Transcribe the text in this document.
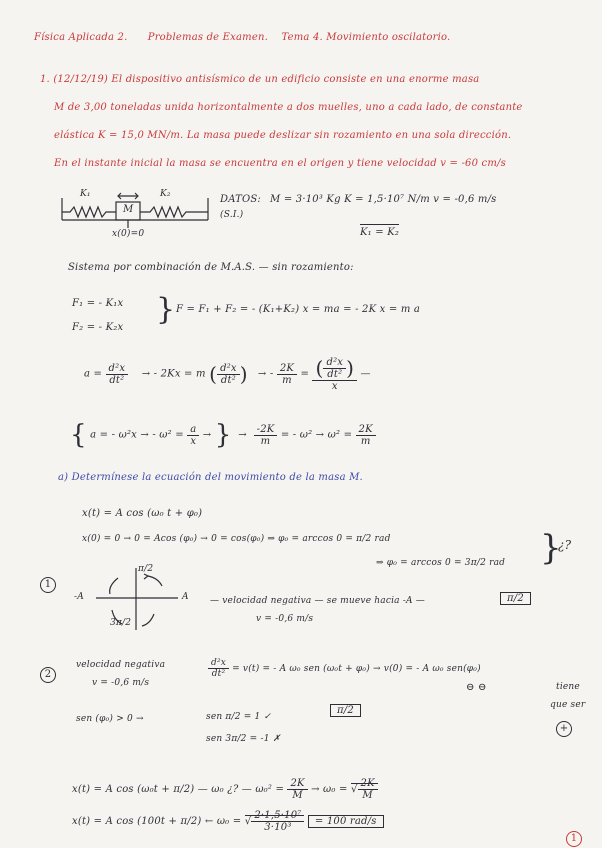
Física Aplicada 2. Problemas de Examen. Tema 4. Movimiento oscilatorio.
1. (12/12/19) El dispositivo antisísmico de un edificio consiste en una enorme masa
M de 3,00 toneladas unida horizontalmente a dos muelles, uno a cada lado, de constante
elástica K = 15,0 MN/m. La masa puede deslizar sin rozamiento en una sola dirección.
En el instante inicial la masa se encuentra en el origen y tiene velocidad v = -60 cm/s
K₁	K₂
M
x(0)=0
DATOS:
(S.I.)
M = 3·10³ Kg K = 1,5·10⁷ N/m v = -0,6 m/s
K₁ = K₂
Sistema por combinación de M.A.S. — sin rozamiento:
F₁ = - K₁x
F₂ = - K₂x
} F = F₁ + F₂ = - (K₁+K₂) x = ma = - 2K x = m a
$a = \frac{\text{d²x}}{\text{dt²}}$ → - 2Kx = m ( $\frac{\text{d²x}}{\text{dt²}}$ ) → - $\frac{2K}{m} = \frac{( \frac{\text{d²x}}{\text{dt²}} )}{x}$ —
{ a = - ω²x → - $\omega^2 = \frac{a}{x}$ → }  → $\frac{-2K}{m}$ = - $\omega^2 \to \omega^2 = \frac{2K}{m}$
a) Determínese la ecuación del movimiento de la masa M.
x(t) = A cos (ω₀ t + φ₀)
x(0) = 0 → 0 = Acos (φ₀) → 0 = cos(φ₀) ⇒ φ₀ = arccos 0 = π/2 rad
⇒ φ₀ = arccos 0 = 3π/2 rad }
¿?
1
-A	A
π/2
3π/2
— velocidad negativa — se mueve hacia -A —
v = -0,6 m/s
π/2
2
velocidad negativa
v = -0,6 m/s
$\frac{\text{d²x}}{\text{dt²}} = v(t)$ = - A ω₀ sen (ω₀t + φ₀) → v(0) = - A ω₀ sen(φ₀)
⊖ ⊖	tiene
que ser
+
sen (φ₀) > 0 →	sen π/2 = 1 ✓
π/2
sen 3π/2 = -1 ✗
x(t) = A cos (ω₀t + π/2) — ω₀ ¿? — $\omega_0^2 = \frac{2K}{M} \to \omega_0$ = √ $\frac{2K}{M}$
x(t) = A cos (100t + π/2) ← ω₀ = √ $\frac{\text{2·1,5·10⁷}}{\text{3·10³}} = 100$ rad/s
1
